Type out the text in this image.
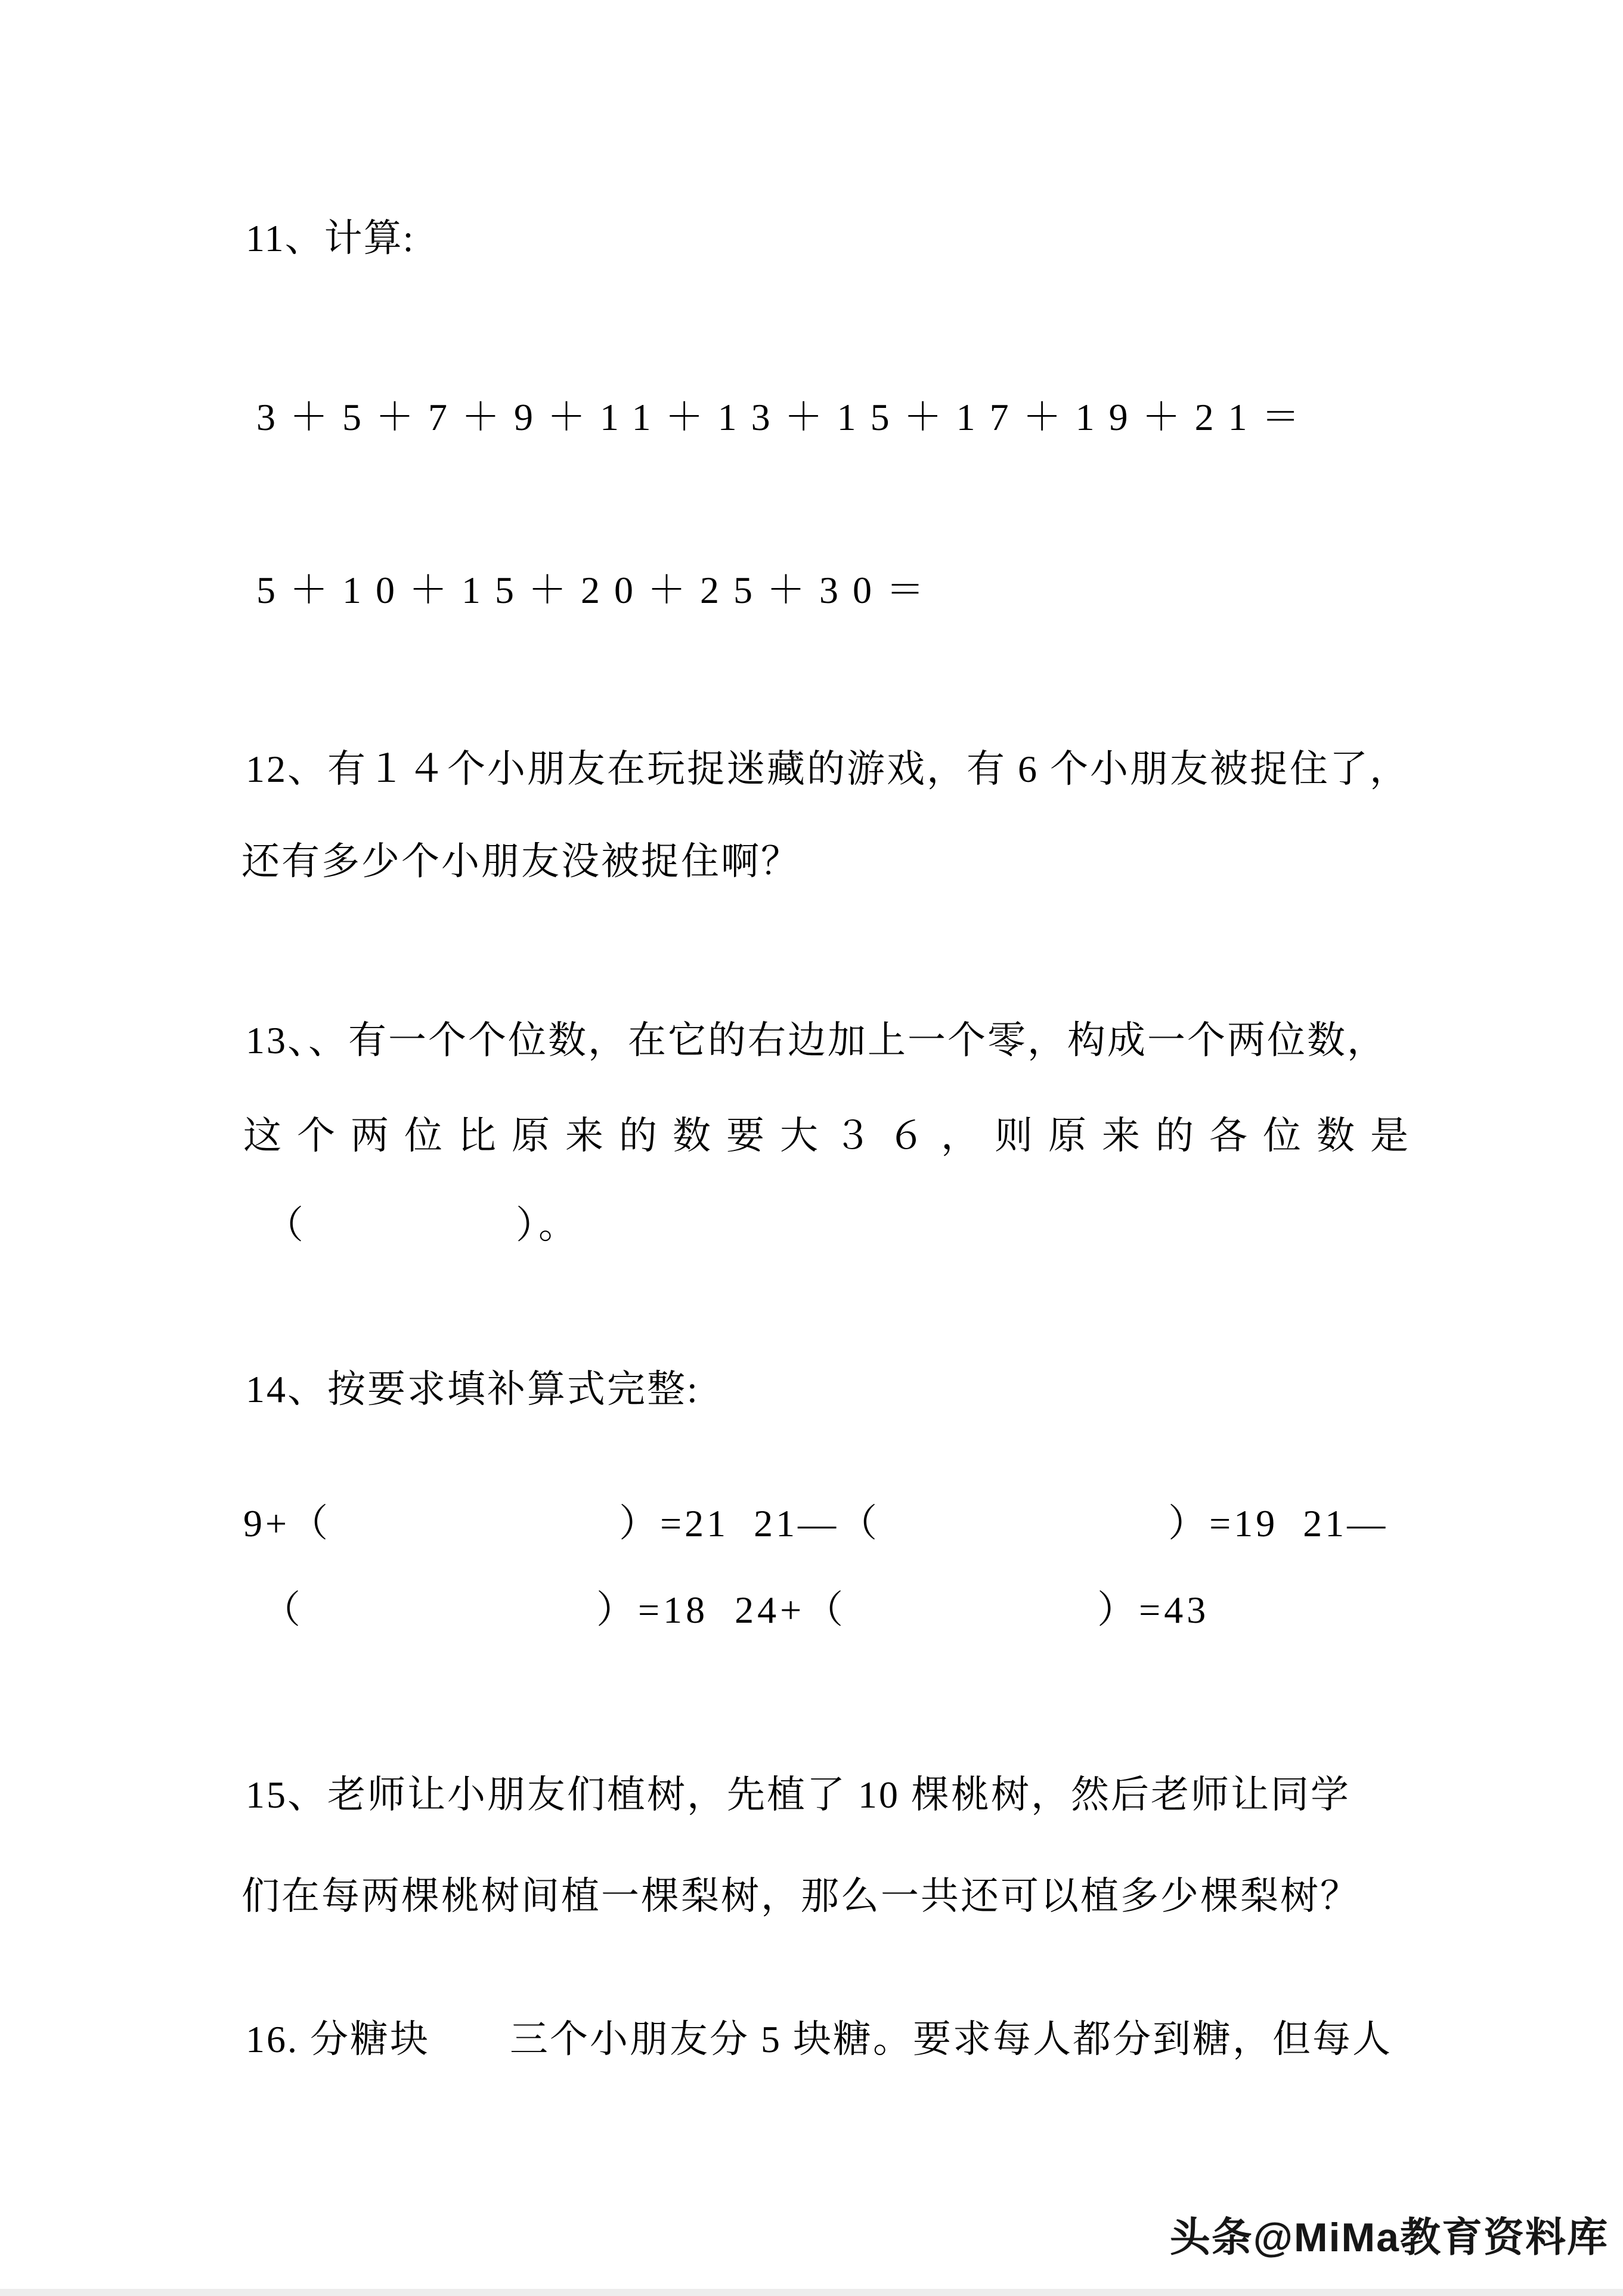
11、计算:
3＋5＋7＋9＋11＋13＋15＋17＋19＋21＝
5＋10＋15＋20＋25＋30＝
12、有１４个小朋友在玩捉迷藏的游戏，有 6 个小朋友被捉住了，
还有多少个小朋友没被捉住啊？
13、、有一个个位数，在它的右边加上一个零，构成一个两位数，
这个两位比原来的数要大３６，则原来的各位数是
（　　　　　）。
14、按要求填补算式完整:
9+（　　　　　　　）=21  21—（　　　　　　　）=19  21—
（　　　　　　　）=18  24+（　　　　　　）=43
15、老师让小朋友们植树，先植了 10 棵桃树，然后老师让同学
们在每两棵桃树间植一棵梨树，那么一共还可以植多少棵梨树？
16. 分糖块　　三个小朋友分 5 块糖。要求每人都分到糖，但每人
头条@MiMa教育资料库
